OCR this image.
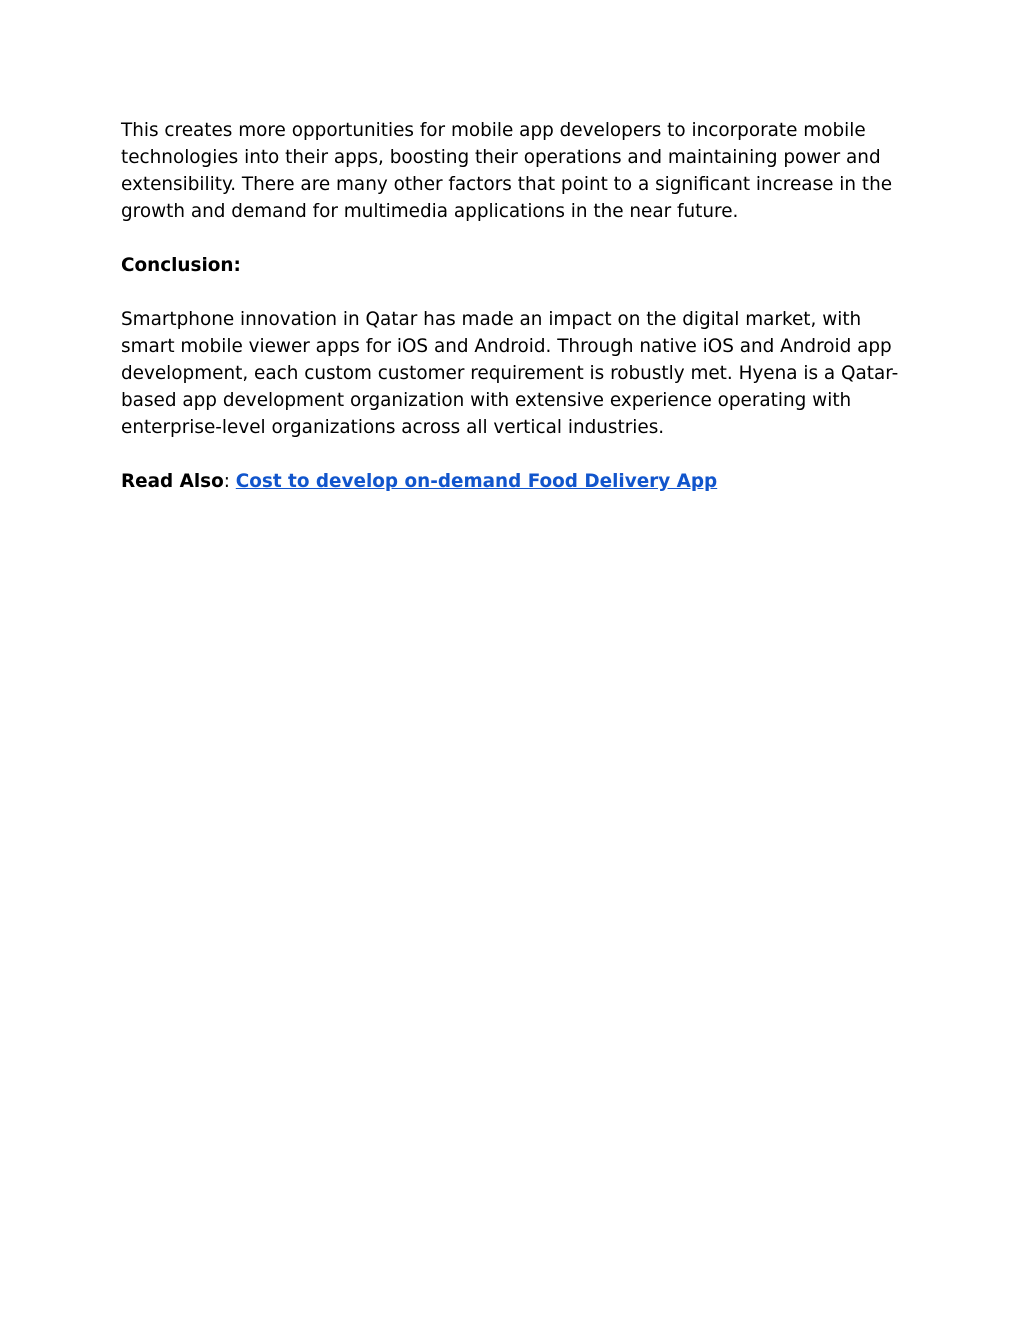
This creates more opportunities for mobile app developers to incorporate mobile technologies into their apps, boosting their operations and maintaining power and extensibility. There are many other factors that point to a significant increase in the growth and demand for multimedia applications in the near future.

Conclusion:

Smartphone innovation in Qatar has made an impact on the digital market, with smart mobile viewer apps for iOS and Android. Through native iOS and Android app development, each custom customer requirement is robustly met. Hyena is a Qatar-based app development organization with extensive experience operating with enterprise-level organizations across all vertical industries.

Read Also: Cost to develop on-demand Food Delivery App
